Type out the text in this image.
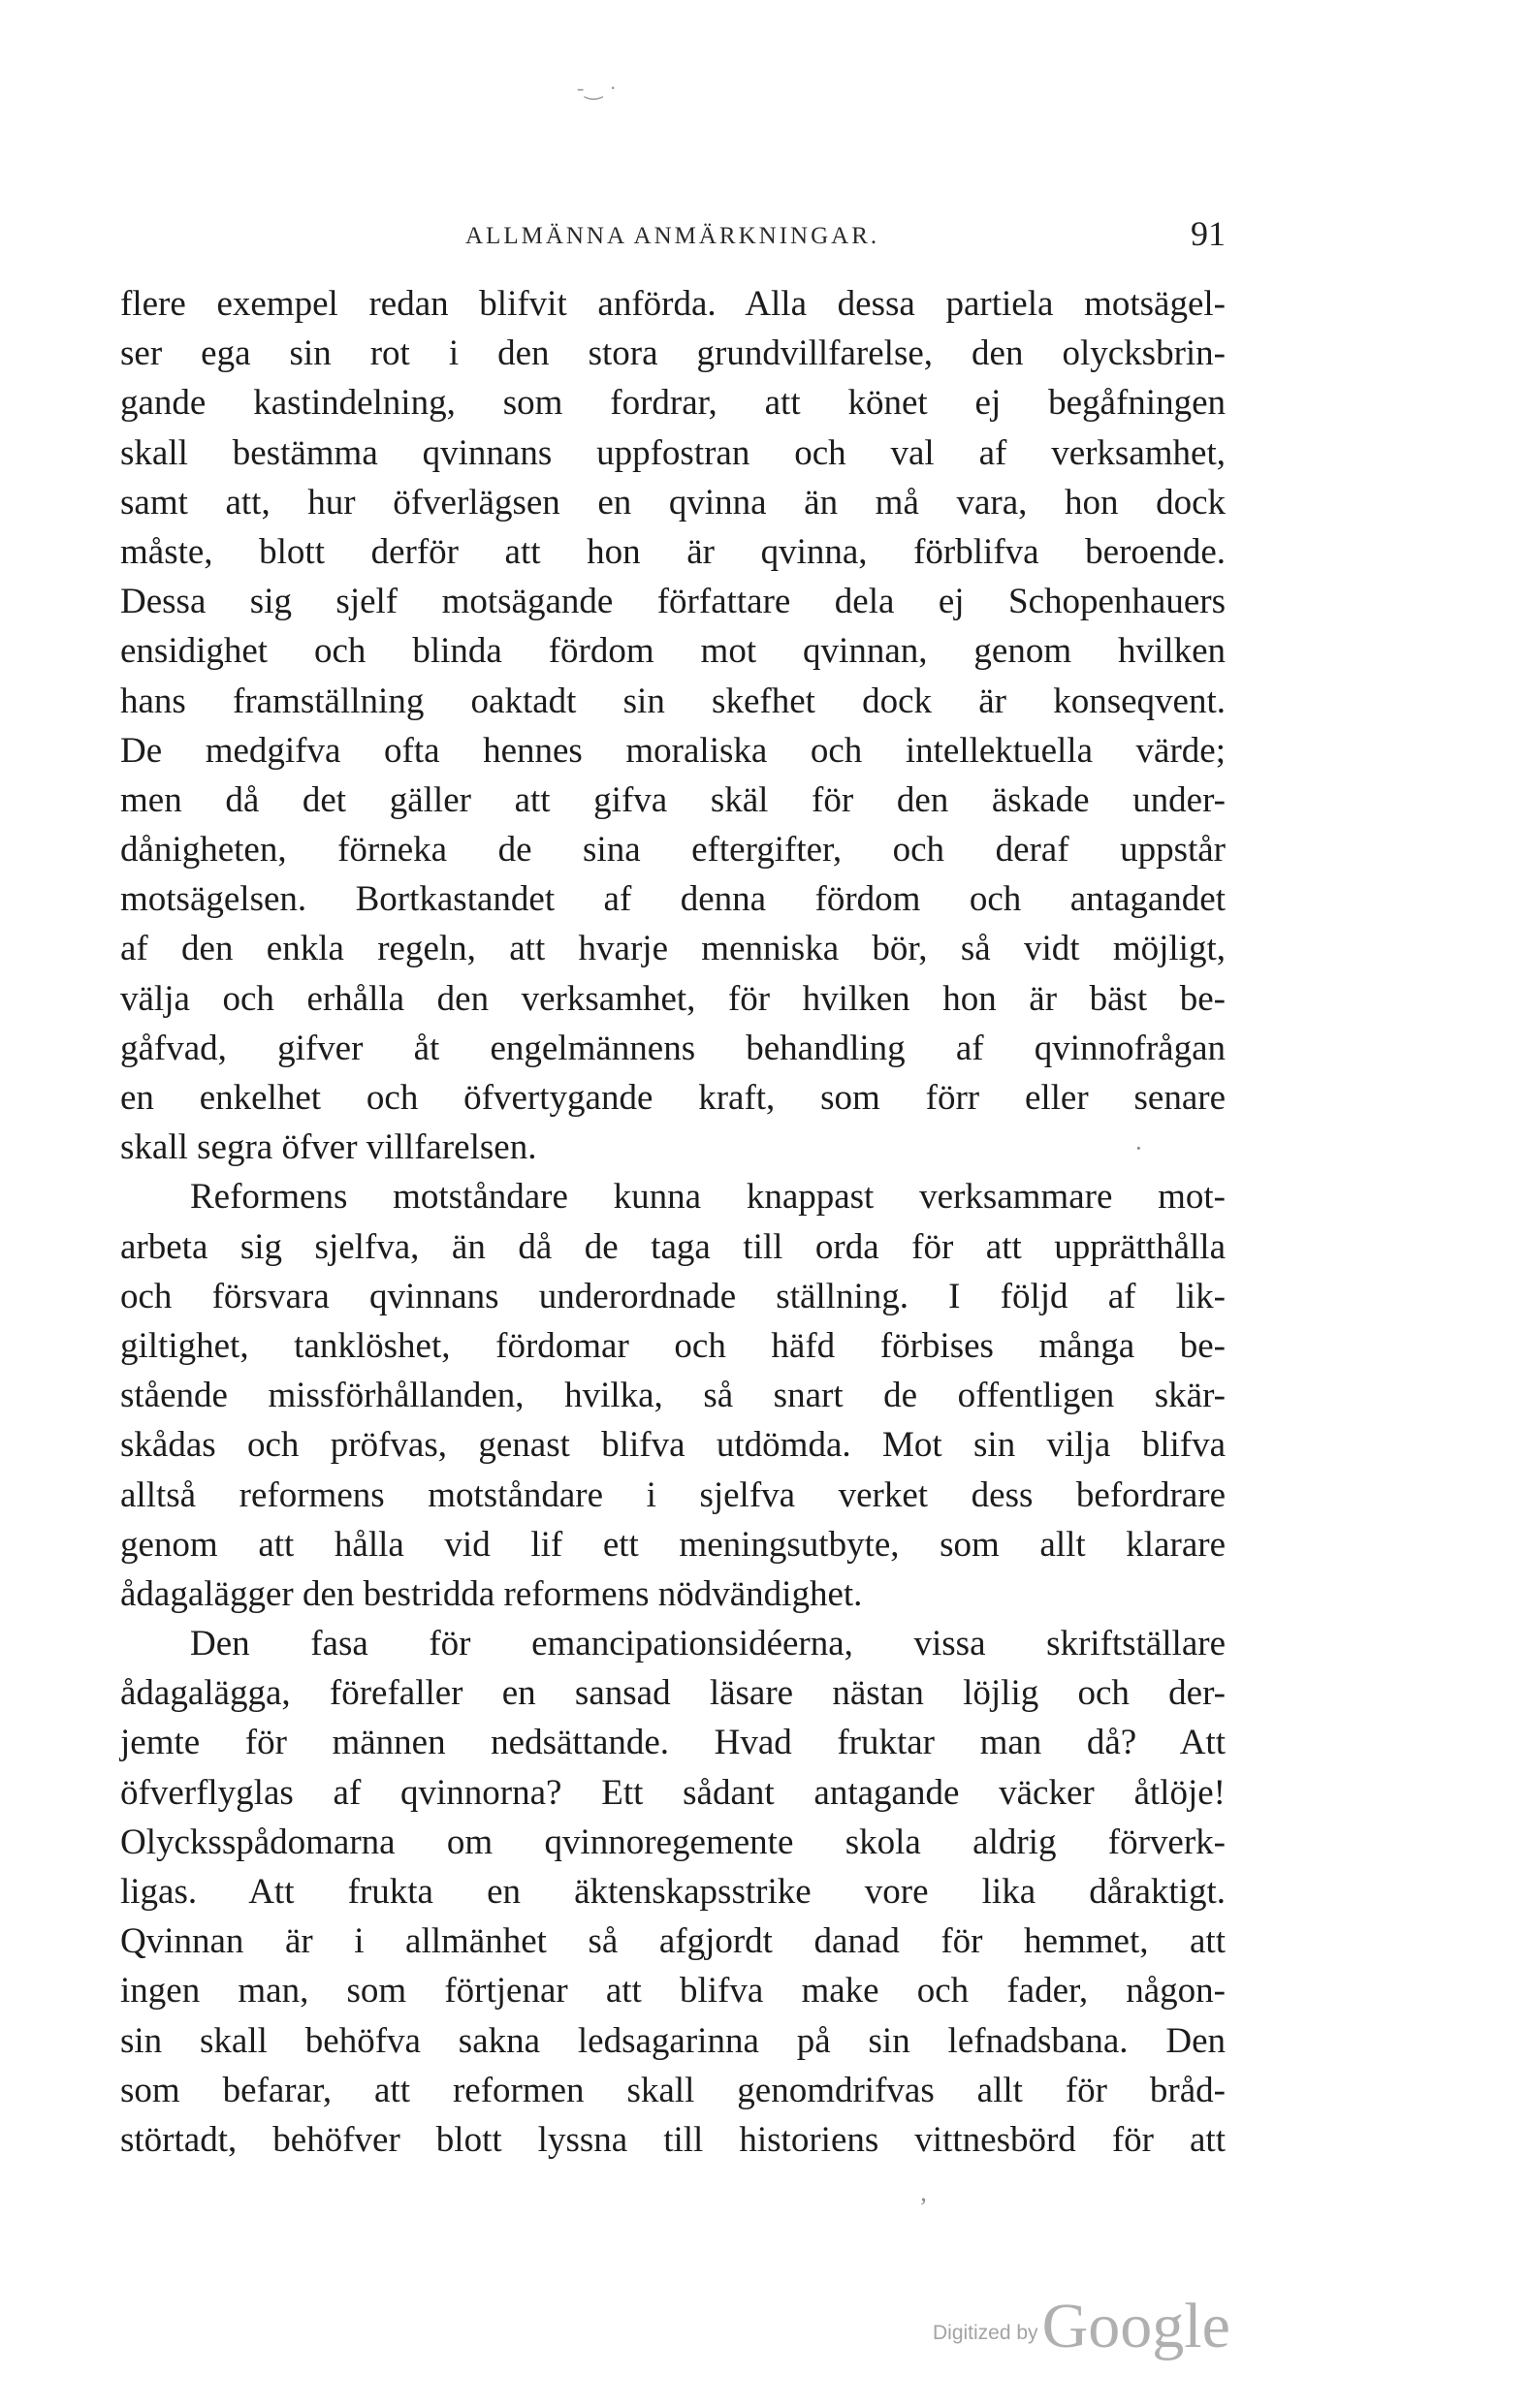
-‿ ·
ALLMÄNNA ANMÄRKNINGAR.	91
flere exempel redan blifvit anförda. Alla dessa partiela motsägel-
ser ega sin rot i den stora grundvillfarelse, den olycksbrin-
gande kastindelning, som fordrar, att könet ej begåfningen
skall bestämma qvinnans uppfostran och val af verksamhet,
samt att, hur öfverlägsen en qvinna än må vara, hon dock
måste, blott derför att hon är qvinna, förblifva beroende.
Dessa sig sjelf motsägande författare dela ej Schopenhauers
ensidighet och blinda fördom mot qvinnan, genom hvilken
hans framställning oaktadt sin skefhet dock är konseqvent.
De medgifva ofta hennes moraliska och intellektuella värde;
men då det gäller att gifva skäl för den äskade under-
dånigheten, förneka de sina eftergifter, och deraf uppstår
motsägelsen. Bortkastandet af denna fördom och antagandet
af den enkla regeln, att hvarje menniska bör, så vidt möjligt,
välja och erhålla den verksamhet, för hvilken hon är bäst be-
gåfvad, gifver åt engelmännens behandling af qvinnofrågan
en enkelhet och öfvertygande kraft, som förr eller senare
skall segra öfver villfarelsen.
Reformens motståndare kunna knappast verksammare mot-
arbeta sig sjelfva, än då de taga till orda för att upprätthålla
och försvara qvinnans underordnade ställning. I följd af lik-
giltighet, tanklöshet, fördomar och häfd förbises många be-
stående missförhållanden, hvilka, så snart de offentligen skär-
skådas och pröfvas, genast blifva utdömda. Mot sin vilja blifva
alltså reformens motståndare i sjelfva verket dess befordrare
genom att hålla vid lif ett meningsutbyte, som allt klarare
ådagalägger den bestridda reformens nödvändighet.
Den fasa för emancipationsidéerna, vissa skriftställare
ådagalägga, förefaller en sansad läsare nästan löjlig och der-
jemte för männen nedsättande. Hvad fruktar man då? Att
öfverflyglas af qvinnorna? Ett sådant antagande väcker åtlöje!
Olycksspådomarna om qvinnoregemente skola aldrig förverk-
ligas. Att frukta en äktenskapsstrike vore lika dåraktigt.
Qvinnan är i allmänhet så afgjordt danad för hemmet, att
ingen man, som förtjenar att blifva make och fader, någon-
sin skall behöfva sakna ledsagarinna på sin lefnadsbana. Den
som befarar, att reformen skall genomdrifvas allt för bråd-
störtadt, behöfver blott lyssna till historiens vittnesbörd för att
·
ʼ
Digitized by Google
